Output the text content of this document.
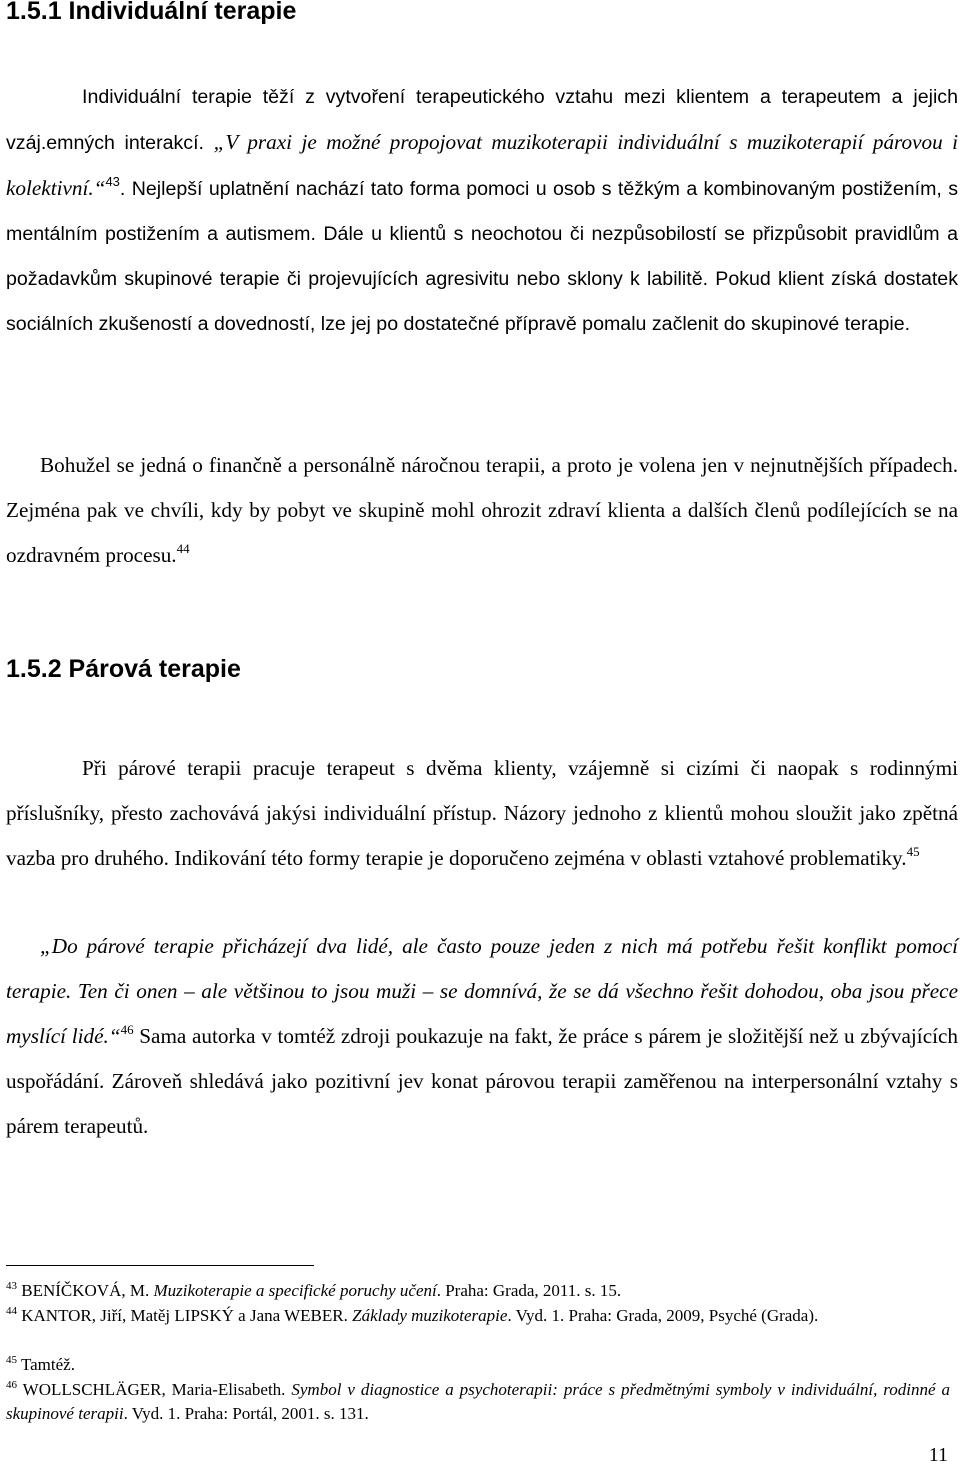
1.5.1 Individuální terapie

Individuální terapie těží z vytvoření terapeutického vztahu mezi klientem a terapeutem a jejich vzáj.emných interakcí. „V praxi je možné propojovat muzikoterapii individuální s muzikoterapií párovou i kolektivní.“$^{43}$. Nejlepší uplatnění nachází tato forma pomoci u osob s těžkým a kombinovaným postižením, s mentálním postižením a autismem. Dále u klientů s neochotou či nezpůsobilostí se přizpůsobit pravidlům a požadavkům skupinové terapie či projevujících agresivitu nebo sklony k labilitě. Pokud klient získá dostatek sociálních zkušeností a dovedností, lze jej po dostatečné přípravě pomalu začlenit do skupinové terapie.

Bohužel se jedná o finančně a personálně náročnou terapii, a proto je volena jen v nejnutnějších případech. Zejména pak ve chvíli, kdy by pobyt ve skupině mohl ohrozit zdraví klienta a dalších členů podílejících se na ozdravném procesu.$^{44}$

1.5.2 Párová terapie

Při párové terapii pracuje terapeut s dvěma klienty, vzájemně si cizími či naopak s rodinnými příslušníky, přesto zachovává jakýsi individuální přístup. Názory jednoho z klientů mohou sloužit jako zpětná vazba pro druhého. Indikování této formy terapie je doporučeno zejména v oblasti vztahové problematiky.$^{45}$

„Do párové terapie přicházejí dva lidé, ale často pouze jeden z nich má potřebu řešit konflikt pomocí terapie. Ten či onen – ale většinou to jsou muži – se domnívá, že se dá všechno řešit dohodou, oba jsou přece myslící lidé.“$^{46}$ Sama autorka v tomtéž zdroji poukazuje na fakt, že práce s párem je složitější než u zbývajících uspořádání. Zároveň shledává jako pozitivní jev konat párovou terapii zaměřenou na interpersonální vztahy s párem terapeutů.

$^{43}$ BENÍČKOVÁ, M. Muzikoterapie a specifické poruchy učení. Praha: Grada, 2011. s. 15.

$^{44}$ KANTOR, Jiří, Matěj LIPSKÝ a Jana WEBER. Základy muzikoterapie. Vyd. 1. Praha: Grada, 2009, Psyché (Grada).

$^{45}$ Tamtéž.

$^{46}$ WOLLSCHLÄGER, Maria-Elisabeth. Symbol v diagnostice a psychoterapii: práce s předmětnými symboly v individuální, rodinné a skupinové terapii. Vyd. 1. Praha: Portál, 2001. s. 131.

11
